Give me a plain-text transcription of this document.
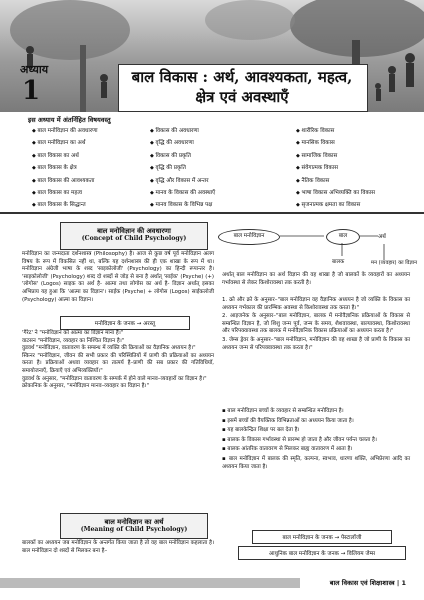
अध्याय
1	बाल विकास : अर्थ, आवश्यकता, महत्व,
क्षेत्र एवं अवस्थाएँ
इस अध्याय में अंतर्निहित विषयवस्तु
◆ बाल मनोविज्ञान की अवधारणा
◆ बाल मनोविज्ञान का अर्थ
◆ बाल विकास का अर्थ
◆ बाल विकास के क्षेत्र
◆ बाल विकास की आवश्यकता
◆ बाल विकास का महत्व
◆ बाल विकास के सिद्धान्त
◆ विकास की अवधारणा
◆ वृद्धि की अवधारणा
◆ विकास की प्रकृति
◆ वृद्धि की प्रकृति
◆ वृद्धि और विकास में अन्तर
◆ मानव के विकास की अवस्थाएँ
◆ मानव विकास के विभिन्न पक्ष
◆ शारीरिक विकास
◆ मानसिक विकास
◆ सामाजिक विकास
◆ संवेगात्मक विकास
◆ नैतिक विकास
◆ भाषा विकास अभिव्यक्ति का विकास
◆ सृजनात्मक क्षमता का विकास
बाल मनोविज्ञान की अवधारणा
(Concept of Child Psychology)
मनोविज्ञान का जन्मदाता दर्शनशास्त्र (Philosophy) है। आज से कुछ वर्ष पूर्व मनोविज्ञान अलग विषय के रूप में विकसित नहीं था, बल्कि यह दर्शनशास्त्र की ही एक शाखा के रूप में था। मनोविज्ञान अंग्रेजी भाषा के शब्द 'साइकोलोजी' (Psychology) का हिन्दी रूपान्तर है। 'साइकोलोजी' (Psychology) शब्द दो शब्दों से जोड़ से बना है अर्थात् 'साईक' (Psyche) (+) 'लोगोस' (Logos) साइक का अर्थ है- आत्मा तथा लोगोस का अर्थ है- विज्ञान अर्थात् इसका अभिप्राय यह हुआ कि 'आत्मा का विज्ञान'। साईक (Psyche) + लोगोस (Logos) साईकलोजी (Psychology) आत्मा का विज्ञान।
मनोविज्ञान के जनक → अरस्तू
'गैरेट' ने "मनोविज्ञान को आत्मा का विज्ञान माना है।"
वाटसन "मनोविज्ञान, व्यवहार का निश्चित विज्ञान है।"
वुडवर्थ "मनोविज्ञान, वातावरण के सम्बन्ध में व्यक्ति की क्रियाओं का वैज्ञानिक अध्ययन है।"
स्किनर "मनोविज्ञान, जीवन की सभी प्रकार की परिस्थितियों में प्राणी की प्रक्रियाओं का अध्ययन करता है। प्रक्रियाओं अथवा व्यवहार का तात्पर्य है–प्राणी की सब प्रकार की गतिविधियाँ, समायोजनाएँ, क्रियाएँ एवं अभिव्यक्तियाँ।"
वुडवर्थ के अनुसार, "मनोविज्ञान वातावरण के सम्पर्क में होने वाले मानव–व्यवहारों का विज्ञान है।"
क्रोकानिक के अनुसार, "मनोविज्ञान मानव–व्यवहार का विज्ञान है।"
बाल मनोविज्ञान का अर्थ
(Meaning of Child Psychology)
बालकों का अध्ययन जब मनोविज्ञान के अन्तर्गत किया जाता है तो वह बाल मनोविज्ञान कहलाता है। बाल मनोविज्ञान दो शब्दों से मिलकर बना है–
बाल मनोविज्ञान	बाल	अर्थ
बालक	मन (व्यवहार) का विज्ञान
अर्थात् बाल मनोविज्ञान का अर्थ विज्ञान की वह शाखा है जो बालकों के व्यवहारों का अध्ययन गर्भावस्था से लेकर किशोरावस्था तक करती है।
1. क्रो और क्रो के अनुसार–"बाल मनोविज्ञान वह वैज्ञानिक अध्ययन है जो व्यक्ति के विकास का अध्ययन गर्भकाल की प्रारम्भिक अवस्था से किशोरावस्था तक करता है।"
2. आइजनेक के अनुसार–"बाल मनोविज्ञान, बालक में मनोवैज्ञानिक प्रक्रियाओं के विकास से सम्बन्धित विज्ञान है, जो शिशु जन्म पूर्व, जन्म के समय, शैशवावस्था, बाल्यावस्था, किशोरावस्था और परिपक्वावस्था तक बालक में मनोवैज्ञानिक विकास प्रक्रियाओं का अध्ययन करता है।"
3. जेम्स ड्रेवर के अनुसार–"बाल मनोविज्ञान, मनोविज्ञान की वह शाखा है जो प्राणी के विकास का अध्ययन जन्म से परिपक्वावस्था तक करता है।"
▪ बाल मनोविज्ञान बच्चों के व्यवहार से सम्बन्धित मनोविज्ञान है।
▪ इसमें बच्चों की वैयक्तिक विभिन्नताओं का अध्ययन किया जाता है।
▪ यह बालकेन्द्रित शिक्षा पर बल देता है।
▪ बालक के विकास गर्भावस्था से प्रारम्भ हो जाता है और जीवन पर्यन्त चलता है।
▪ बालक आंतरिक वातावरण से मिलकर बाह्य वातावरण में आता है।
▪ बाल मनोविज्ञान में बालक की स्मृति, कल्पना, स्वभाव, धारणा शक्ति, अभिप्रेरणा आदि का अध्ययन किया जाता है।
बाल मनोविज्ञान के जनक → पेस्टालॉजी
आधुनिक बाल मनोविज्ञान के जनक → विलियम जेम्स
बाल विकास एवं शिक्षाशास्त्र | 1
